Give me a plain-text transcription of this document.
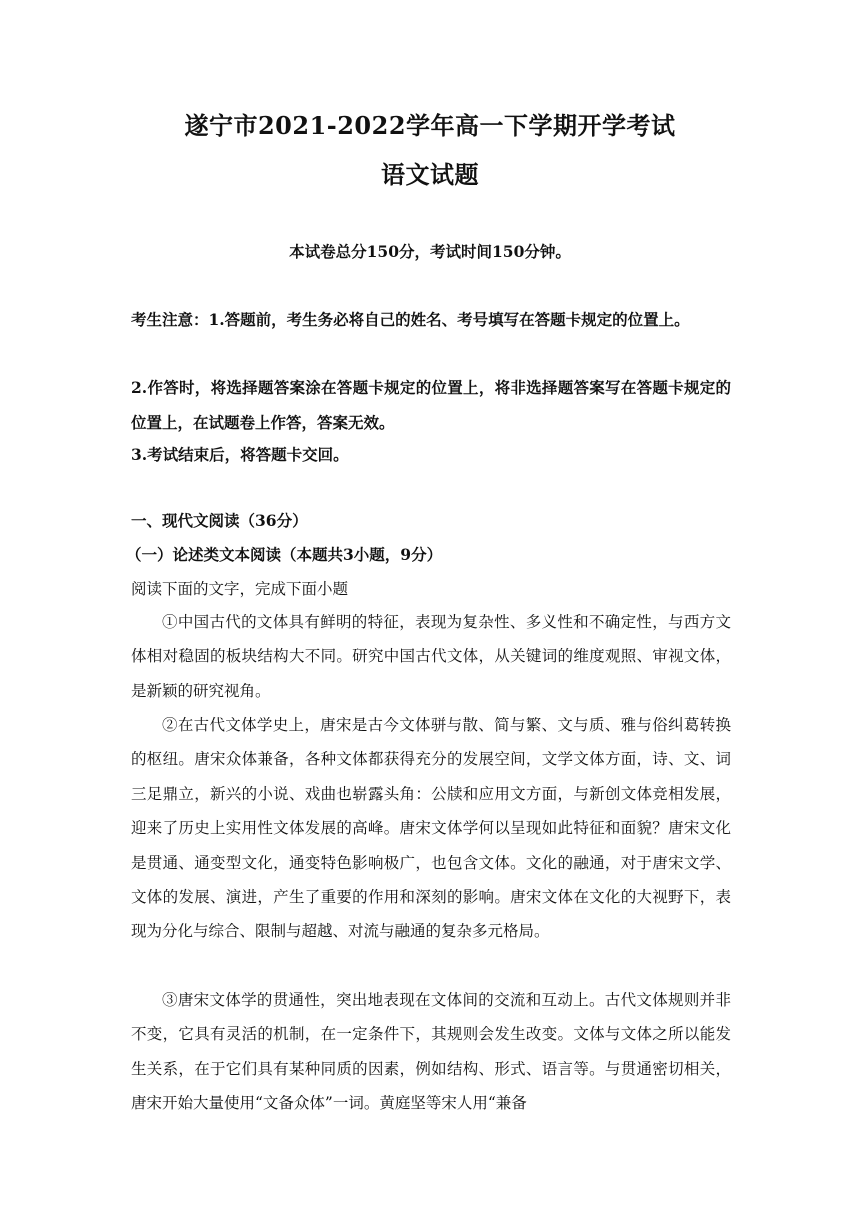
遂宁市2021-2022学年高一下学期开学考试
语文试题
本试卷总分150分，考试时间150分钟。
考生注意：1.答题前，考生务必将自己的姓名、考号填写在答题卡规定的位置上。
2.作答时，将选择题答案涂在答题卡规定的位置上，将非选择题答案写在答题卡规定的位置上，在试题卷上作答，答案无效。
3.考试结束后，将答题卡交回。
一、现代文阅读（36分）
（一）论述类文本阅读（本题共3小题，9分）
阅读下面的文字，完成下面小题

①中国古代的文体具有鲜明的特征，表现为复杂性、多义性和不确定性，与西方文体相对稳固的板块结构大不同。研究中国古代文体，从关键词的维度观照、审视文体，是新颖的研究视角。

②在古代文体学史上，唐宋是古今文体骈与散、简与繁、文与质、雅与俗纠葛转换的枢纽。唐宋众体兼备，各种文体都获得充分的发展空间，文学文体方面，诗、文、词三足鼎立，新兴的小说、戏曲也崭露头角：公牍和应用文方面，与新创文体竞相发展，迎来了历史上实用性文体发展的高峰。唐宋文体学何以呈现如此特征和面貌？唐宋文化是贯通、通变型文化，通变特色影响极广，也包含文体。文化的融通，对于唐宋文学、文体的发展、演进，产生了重要的作用和深刻的影响。唐宋文体在文化的大视野下，表现为分化与综合、限制与超越、对流与融通的复杂多元格局。

③唐宋文体学的贯通性，突出地表现在文体间的交流和互动上。古代文体规则并非不变，它具有灵活的机制，在一定条件下，其规则会发生改变。文体与文体之所以能发生关系，在于它们具有某种同质的因素，例如结构、形式、语言等。与贯通密切相关，唐宋开始大量使用“文备众体”一词。黄庭坚等宋人用“兼备
